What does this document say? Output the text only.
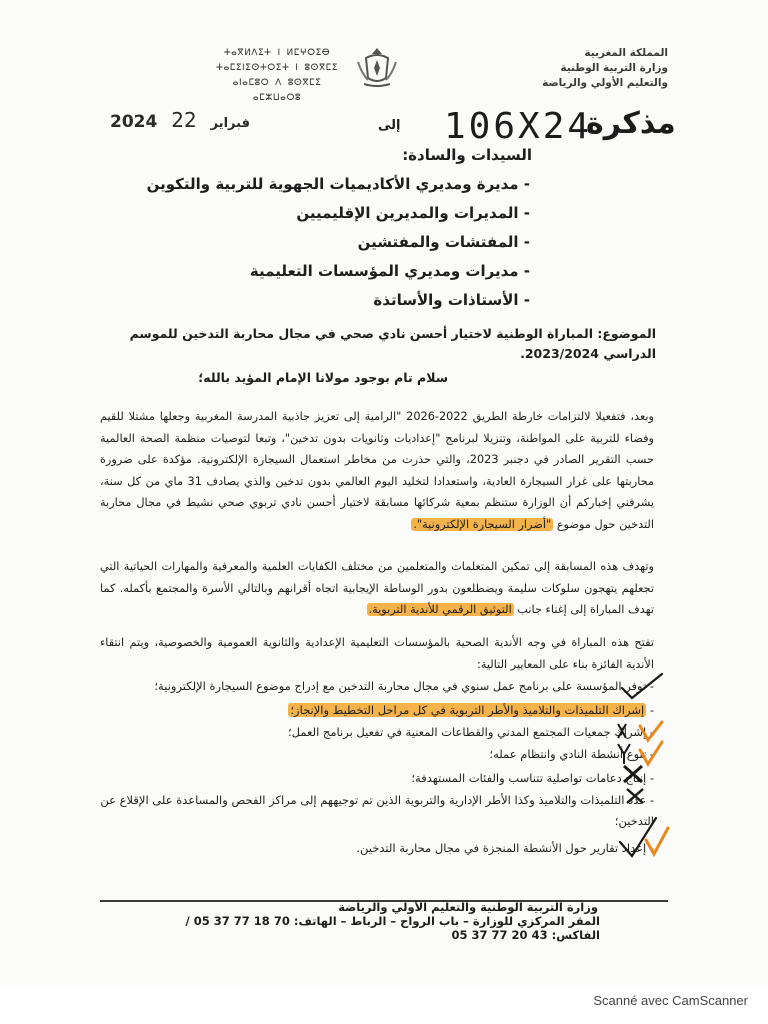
المملكة المغربية
وزارة التربية الوطنية
والتعليم الأولي والرياضة
ⵜⴰⴳⵍⴷⵉⵜ ⵏ ⵍⵎⵖⵔⵉⴱ
ⵜⴰⵎⵉⵏⵉⵙⵜⵔⵉⵜ ⵏ ⵓⵙⴳⵎⵉ
ⴰⵏⴰⵎⵓⵔ ⴷ ⵓⵙⴳⵎⵉ ⴰⵎⵣⵡⴰⵔⵓ
2024	فبراير 22	إلى 106X24
مذكرة
السيدات والسادة:
- مديرة ومديري الأكاديميات الجهوية للتربية والتكوين
- المديرات والمديرين الإقليميين
- المفتشات والمفتشين
- مديرات ومديري المؤسسات التعليمية
- الأستاذات والأساتذة
الموضوع: المباراة الوطنية لاختيار أحسن نادي صحي في مجال محاربة التدخين للموسم الدراسي 2023/2024.
سلام تام بوجود مولانا الإمام المؤيد بالله؛
وبعد، فتفعيلا لالتزامات خارطة الطريق 2022-2026 "الرامية إلى تعزيز جاذبية المدرسة المغربية وجعلها مشتلا للقيم وفضاء للتربية على المواطنة، وتنزيلا لبرنامج "إعداديات وثانويات بدون تدخين"، وتبعا لتوصيات منظمة الصحة العالمية حسب التقرير الصادر في دجنبر 2023، والتي حذرت من مخاطر استعمال السيجارة الإلكترونية. مؤكدة على ضرورة محاربتها على غرار السيجارة العادية، واستعدادا لتخليد اليوم العالمي بدون تدخين والذي يصادف 31 ماي من كل سنة، يشرفني إخباركم أن الوزارة ستنظم بمعية شركائها مسابقة لاختيار أحسن نادي تربوي صحي نشيط في مجال محاربة التدخين حول موضوع "أضرار السيجارة الإلكترونية".
وتهدف هذه المسابقة إلى تمكين المتعلمات والمتعلمين من مختلف الكفايات العلمية والمعرفية والمهارات الحياتية التي تجعلهم يتهجون سلوكات سليمة ويضطلعون بدور الوساطة الإيجابية اتجاه أقرانهم وبالتالي الأسرة والمجتمع بأكمله. كما تهدف المباراة إلى إغناء جانب التوثيق الرقمي للأندية التربوية.
تفتح هذه المباراة في وجه الأندية الصحية بالمؤسسات التعليمية الإعدادية والثانوية العمومية والخصوصية، ويتم انتقاء الأندية الفائزة بناء على المعايير التالية:
- توفر المؤسسة على برنامج عمل سنوي في مجال محاربة التدخين مع إدراج موضوع السيجارة الإلكترونية؛
- إشراك التلميذات والتلاميذ والأطر التربوية في كل مراحل التخطيط والإنجاز؛
- إشراك جمعيات المجتمع المدني والقطاعات المعنية في تفعيل برنامج العمل؛
- تنوع أنشطة النادي وانتظام عمله؛
- إنتاج دعامات تواصلية تتناسب والفئات المستهدفة؛
- عدد التلميذات والتلاميذ وكذا الأطر الإدارية والتربوية الذين تم توجيههم إلى مراكز الفحص والمساعدة على الإقلاع عن التدخين؛
- إعداد تقارير حول الأنشطة المنجزة في مجال محاربة التدخين.
وزارة التربية الوطنية والتعليم الأولي والرياضة
المقر المركزي للوزارة – باب الرواح – الرباط – الهاتف: 70 18 77 37 05 / الفاكس: 43 20 77 37 05
Scanné avec CamScanner
